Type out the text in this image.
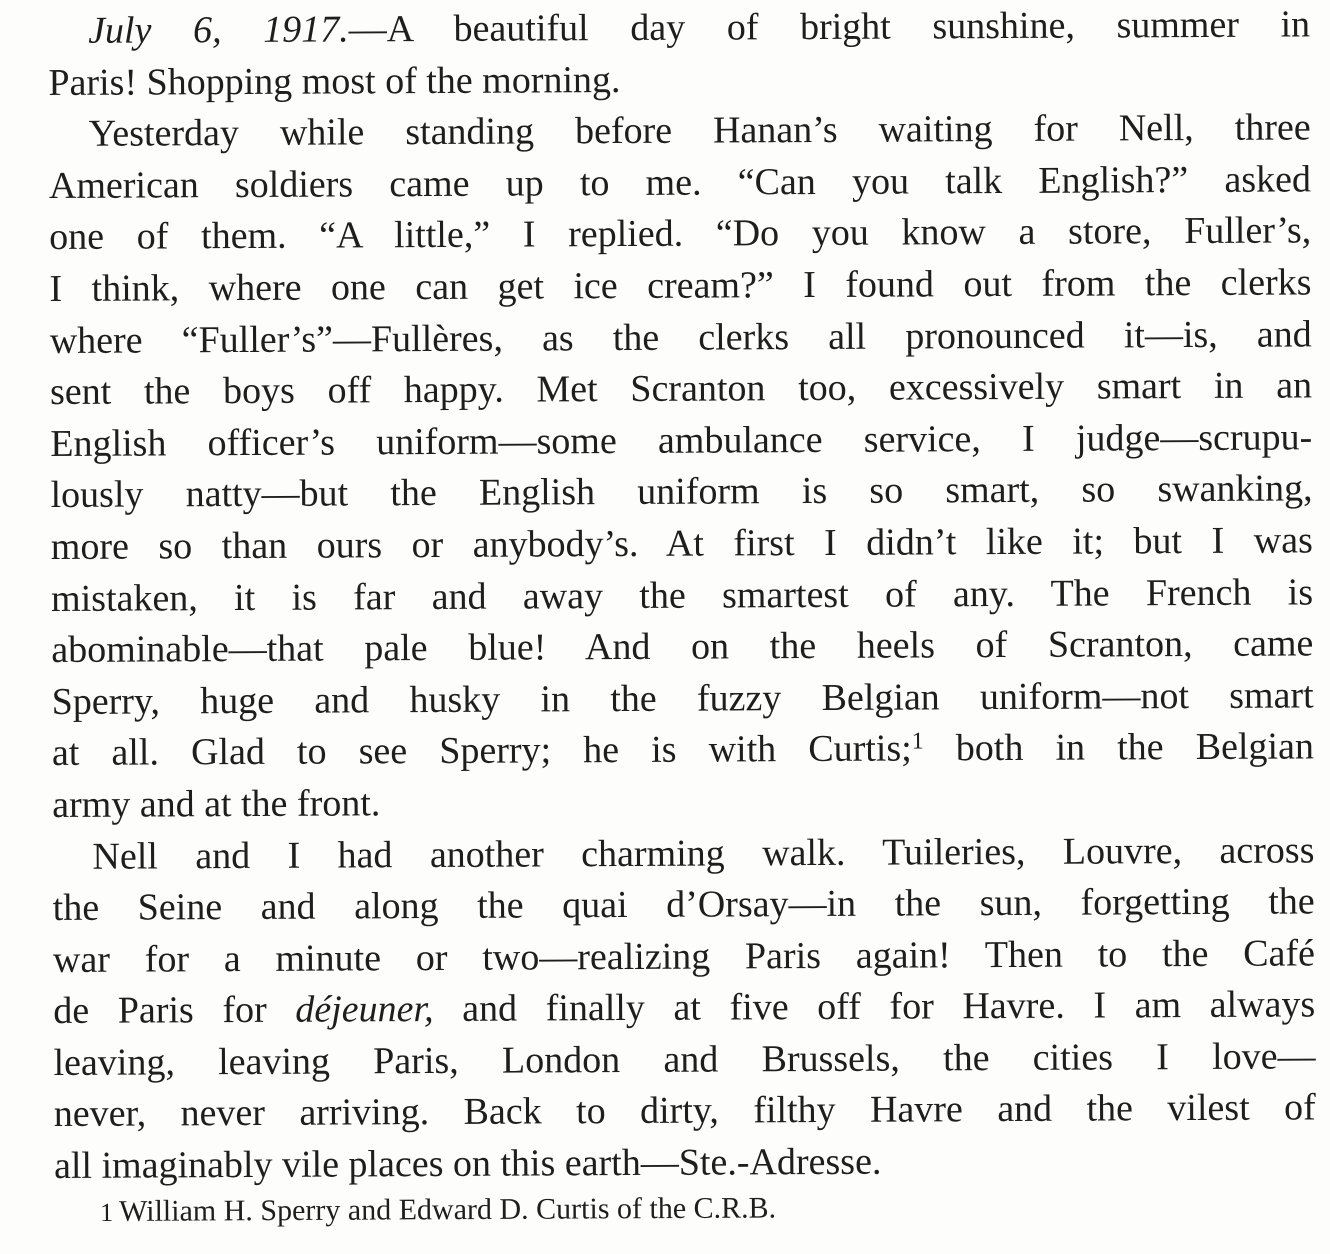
July 6, 1917.—A beautiful day of bright sunshine, summer in
Paris! Shopping most of the morning.
Yesterday while standing before Hanan’s waiting for Nell, three
American soldiers came up to me. “Can you talk English?” asked
one of them. “A little,” I replied. “Do you know a store, Fuller’s,
I think, where one can get ice cream?” I found out from the clerks
where “Fuller’s”—Fullères, as the clerks all pronounced it—is, and
sent the boys off happy. Met Scranton too, excessively smart in an
English officer’s uniform—some ambulance service, I judge—scrupu-
lously natty—but the English uniform is so smart, so swanking,
more so than ours or anybody’s. At first I didn’t like it; but I was
mistaken, it is far and away the smartest of any. The French is
abominable—that pale blue! And on the heels of Scranton, came
Sperry, huge and husky in the fuzzy Belgian uniform—not smart
at all. Glad to see Sperry; he is with Curtis;$^1$ both in the Belgian
army and at the front.
Nell and I had another charming walk. Tuileries, Louvre, across
the Seine and along the quai d’Orsay—in the sun, forgetting the
war for a minute or two—realizing Paris again! Then to the Café
de Paris for déjeuner, and finally at five off for Havre. I am always
leaving, leaving Paris, London and Brussels, the cities I love—
never, never arriving. Back to dirty, filthy Havre and the vilest of
all imaginably vile places on this earth—Ste.-Adresse.
1 William H. Sperry and Edward D. Curtis of the C.R.B.
